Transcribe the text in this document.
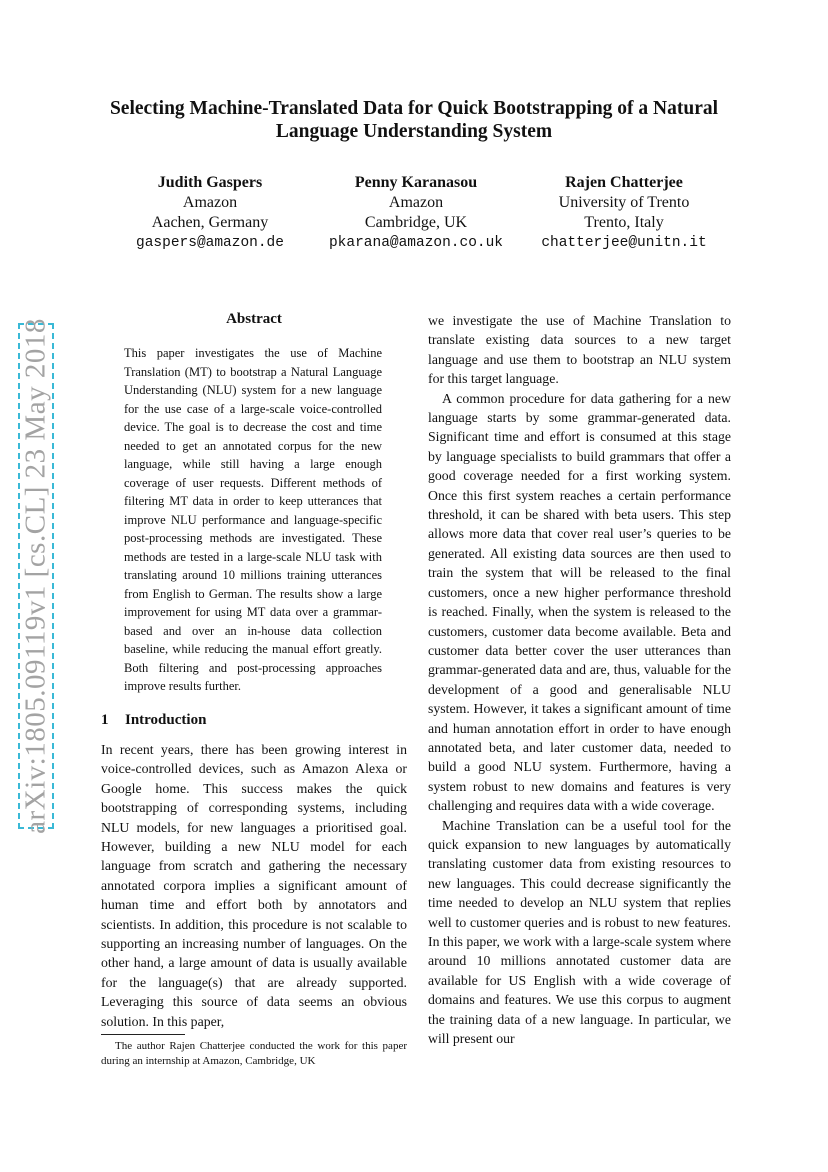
arXiv:1805.09119v1 [cs.CL] 23 May 2018
Selecting Machine-Translated Data for Quick Bootstrapping of a Natural
Language Understanding System
Judith Gaspers
Amazon
Aachen, Germany
gaspers@amazon.de
Penny Karanasou
Amazon
Cambridge, UK
pkarana@amazon.co.uk
Rajen Chatterjee
University of Trento
Trento, Italy
chatterjee@unitn.it
Abstract
This paper investigates the use of Machine Translation (MT) to bootstrap a Natural Language Understanding (NLU) system for a new language for the use case of a large-scale voice-controlled device. The goal is to decrease the cost and time needed to get an annotated corpus for the new language, while still having a large enough coverage of user requests. Different methods of filtering MT data in order to keep utterances that improve NLU performance and language-specific post-processing methods are investigated. These methods are tested in a large-scale NLU task with translating around 10 millions training utterances from English to German. The results show a large improvement for using MT data over a grammar-based and over an in-house data collection baseline, while reducing the manual effort greatly. Both filtering and post-processing approaches improve results further.
1 Introduction
In recent years, there has been growing interest in voice-controlled devices, such as Amazon Alexa or Google home. This success makes the quick bootstrapping of corresponding systems, including NLU models, for new languages a prioritised goal. However, building a new NLU model for each language from scratch and gathering the necessary annotated corpora implies a significant amount of human time and effort both by annotators and scientists. In addition, this procedure is not scalable to supporting an increasing number of languages. On the other hand, a large amount of data is usually available for the language(s) that are already supported. Leveraging this source of data seems an obvious solution. In this paper,

we investigate the use of Machine Translation to translate existing data sources to a new target language and use them to bootstrap an NLU system for this target language.

A common procedure for data gathering for a new language starts by some grammar-generated data. Significant time and effort is consumed at this stage by language specialists to build grammars that offer a good coverage needed for a first working system. Once this first system reaches a certain performance threshold, it can be shared with beta users. This step allows more data that cover real user’s queries to be generated. All existing data sources are then used to train the system that will be released to the final customers, once a new higher performance threshold is reached. Finally, when the system is released to the customers, customer data become available. Beta and customer data better cover the user utterances than grammar-generated data and are, thus, valuable for the development of a good and generalisable NLU system. However, it takes a significant amount of time and human annotation effort in order to have enough annotated beta, and later customer data, needed to build a good NLU system. Furthermore, having a system robust to new domains and features is very challenging and requires data with a wide coverage.

Machine Translation can be a useful tool for the quick expansion to new languages by automatically translating customer data from existing resources to new languages. This could decrease significantly the time needed to develop an NLU system that replies well to customer queries and is robust to new features. In this paper, we work with a large-scale system where around 10 millions annotated customer data are available for US English with a wide coverage of domains and features. We use this corpus to augment the training data of a new language. In particular, we will present our

The author Rajen Chatterjee conducted the work for this paper during an internship at Amazon, Cambridge, UK
